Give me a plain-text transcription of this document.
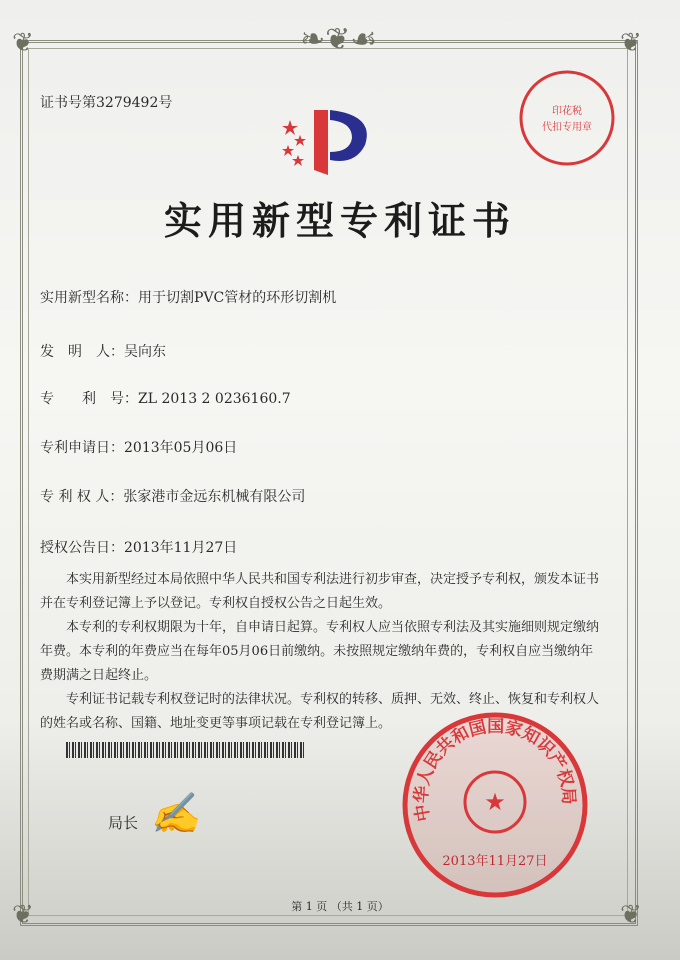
❦	❦
❦	❦
❧❦☙
证书号第3279492号
实用新型专利证书
实用新型名称：用于切割PVC管材的环形切割机
发　明　人：吴向东
专　　利　号：ZL 2013 2 0236160.7
专利申请日：2013年05月06日
专 利 权 人：张家港市金远东机械有限公司
授权公告日：2013年11月27日

本实用新型经过本局依照中华人民共和国专利法进行初步审查，决定授予专利权，颁发本证书并在专利登记簿上予以登记。专利权自授权公告之日起生效。

本专利的专利权期限为十年，自申请日起算。专利权人应当依照专利法及其实施细则规定缴纳年费。本专利的年费应当在每年05月06日前缴纳。未按照规定缴纳年费的，专利权自应当缴纳年费期满之日起终止。

专利证书记载专利权登记时的法律状况。专利权的转移、质押、无效、终止、恢复和专利权人的姓名或名称、国籍、地址变更等事项记载在专利登记簿上。

局长 ✍
印花税
代扣专用章
中华人民共和国国家知识产权局
★
2013年11月27日
第 1 页 （共 1 页）
